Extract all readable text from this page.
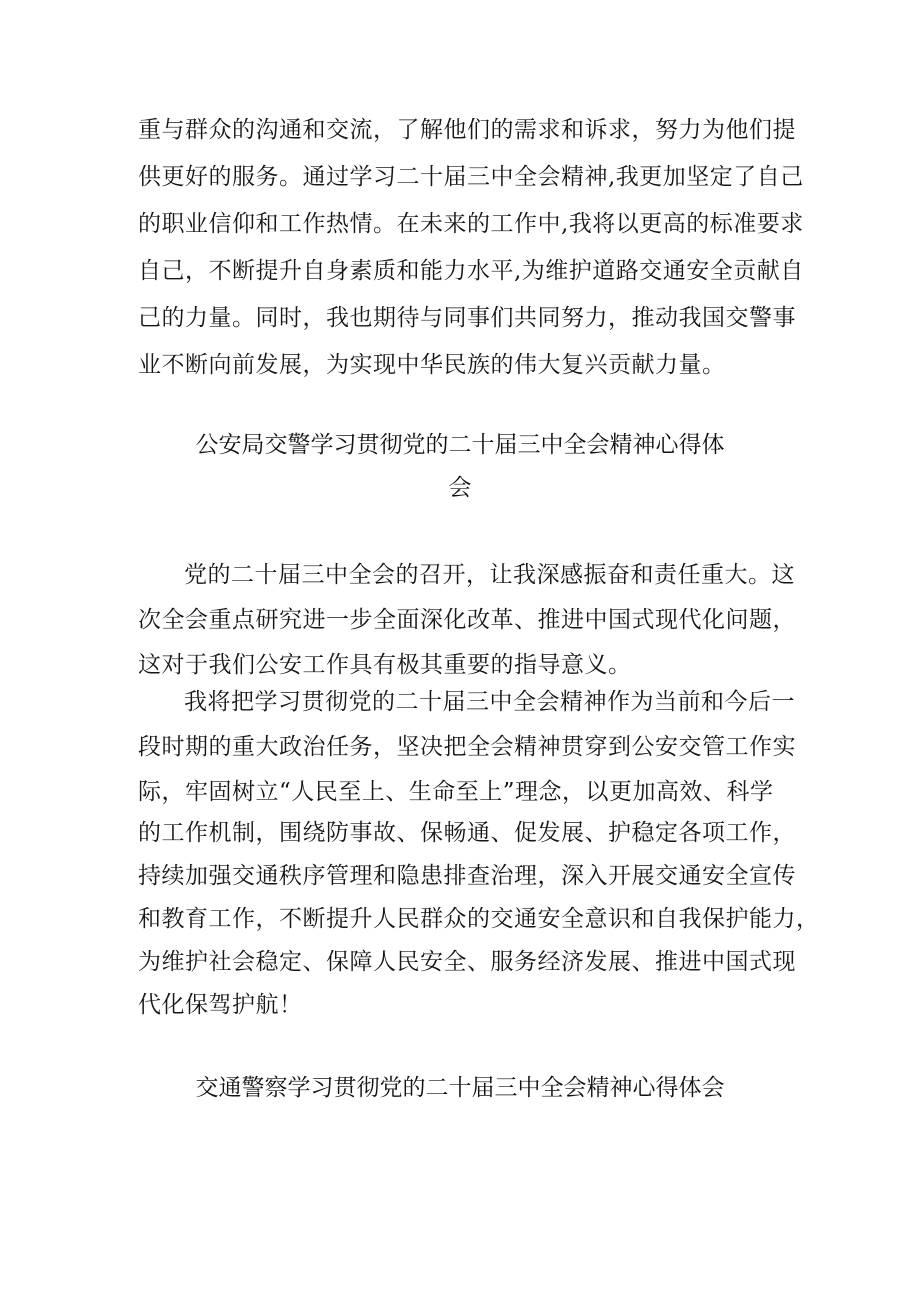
重与群众的沟通和交流，了解他们的需求和诉求，努力为他们提
供更好的服务。通过学习二十届三中全会精神,我更加坚定了自己
的职业信仰和工作热情。在未来的工作中,我将以更高的标准要求
自己，不断提升自身素质和能力水平,为维护道路交通安全贡献自
己的力量。同时，我也期待与同事们共同努力，推动我国交警事
业不断向前发展，为实现中华民族的伟大复兴贡献力量。
公安局交警学习贯彻党的二十届三中全会精神心得体
会
党的二十届三中全会的召开，让我深感振奋和责任重大。这
次全会重点研究进一步全面深化改革、推进中国式现代化问题，
这对于我们公安工作具有极其重要的指导意义。
我将把学习贯彻党的二十届三中全会精神作为当前和今后一
段时期的重大政治任务，坚决把全会精神贯穿到公安交管工作实
际，牢固树立“人民至上、生命至上”理念，以更加高效、科学
的工作机制，围绕防事故、保畅通、促发展、护稳定各项工作，
持续加强交通秩序管理和隐患排查治理，深入开展交通安全宣传
和教育工作，不断提升人民群众的交通安全意识和自我保护能力，
为维护社会稳定、保障人民安全、服务经济发展、推进中国式现
代化保驾护航！
交通警察学习贯彻党的二十届三中全会精神心得体会
